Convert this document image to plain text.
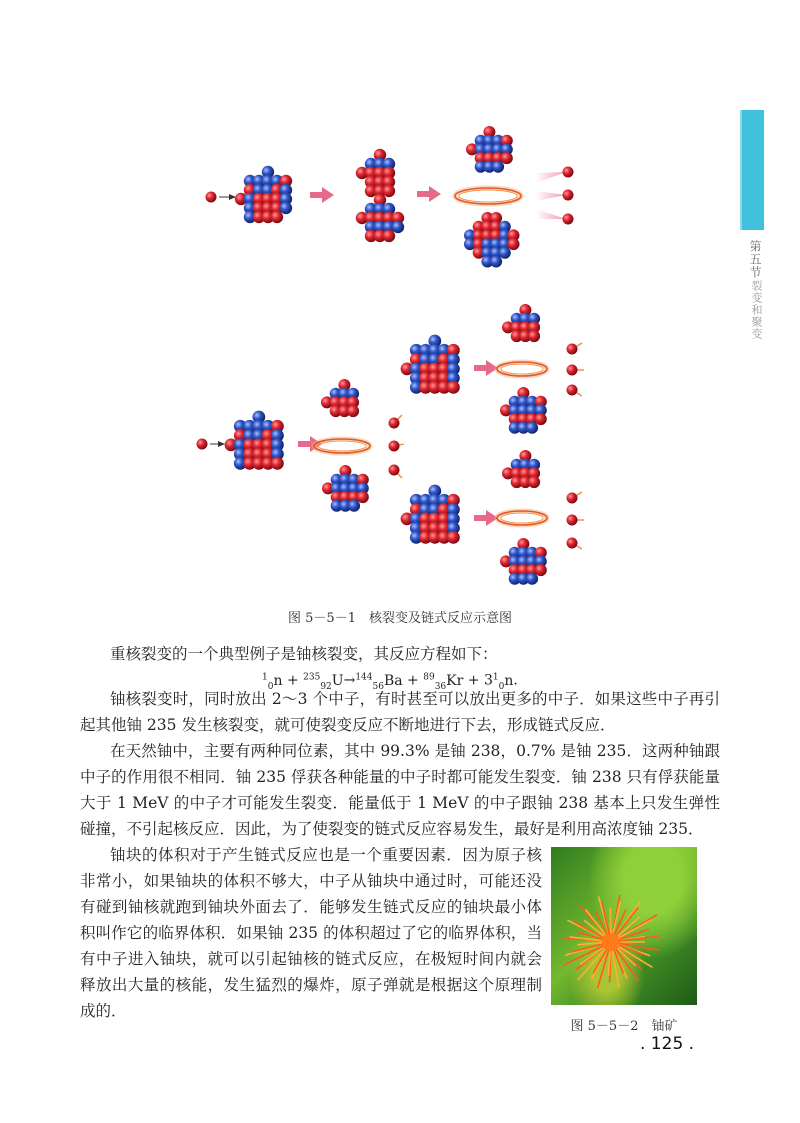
第五节
裂变和聚变
图 5－5－1　核裂变及链式反应示意图
重核裂变的一个典型例子是铀核裂变，其反应方程如下：
$^1_0n + ^{235}_{92}U\to^{144}_{56}Ba + ^{89}_{36}Kr + 3^1_0n$.
铀核裂变时，同时放出 2～3 个中子，有时甚至可以放出更多的中子．如果这些中子再引起其他铀 235 发生核裂变，就可使裂变反应不断地进行下去，形成链式反应．
在天然铀中，主要有两种同位素，其中 99.3% 是铀 238，0.7% 是铀 235．这两种铀跟中子的作用很不相同．铀 235 俘获各种能量的中子时都可能发生裂变．铀 238 只有俘获能量大于 1 MeV 的中子才可能发生裂变．能量低于 1 MeV 的中子跟铀 238 基本上只发生弹性碰撞，不引起核反应．因此，为了使裂变的链式反应容易发生，最好是利用高浓度铀 235．
铀块的体积对于产生链式反应也是一个重要因素．因为原子核非常小，如果铀块的体积不够大，中子从铀块中通过时，可能还没有碰到铀核就跑到铀块外面去了．能够发生链式反应的铀块最小体积叫作它的临界体积．如果铀 235 的体积超过了它的临界体积，当有中子进入铀块，就可以引起铀核的链式反应，在极短时间内就会释放出大量的核能，发生猛烈的爆炸，原子弹就是根据这个原理制成的．
图 5－5－2　铀矿
. 125 .
